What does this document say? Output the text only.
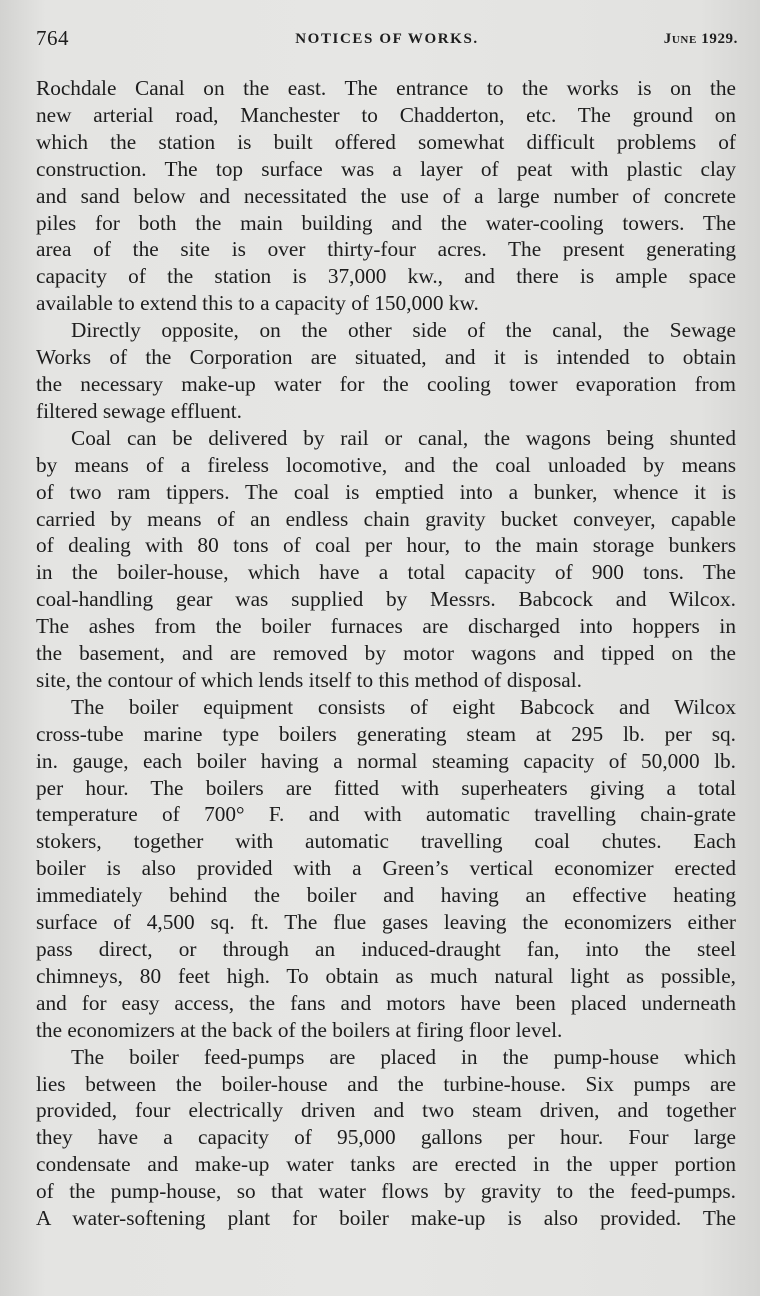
764	NOTICES OF WORKS.	June 1929.
Rochdale Canal on the east. The entrance to the works is on the
new arterial road, Manchester to Chadderton, etc. The ground on
which the station is built offered somewhat difficult problems of
construction. The top surface was a layer of peat with plastic clay
and sand below and necessitated the use of a large number of concrete
piles for both the main building and the water-cooling towers. The
area of the site is over thirty-four acres. The present generating
capacity of the station is 37,000 kw., and there is ample space
available to extend this to a capacity of 150,000 kw.
Directly opposite, on the other side of the canal, the Sewage
Works of the Corporation are situated, and it is intended to obtain
the necessary make-up water for the cooling tower evaporation from
filtered sewage effluent.
Coal can be delivered by rail or canal, the wagons being shunted
by means of a fireless locomotive, and the coal unloaded by means
of two ram tippers. The coal is emptied into a bunker, whence it is
carried by means of an endless chain gravity bucket conveyer, capable
of dealing with 80 tons of coal per hour, to the main storage bunkers
in the boiler-house, which have a total capacity of 900 tons. The
coal-handling gear was supplied by Messrs. Babcock and Wilcox.
The ashes from the boiler furnaces are discharged into hoppers in
the basement, and are removed by motor wagons and tipped on the
site, the contour of which lends itself to this method of disposal.
The boiler equipment consists of eight Babcock and Wilcox
cross-tube marine type boilers generating steam at 295 lb. per sq.
in. gauge, each boiler having a normal steaming capacity of 50,000 lb.
per hour. The boilers are fitted with superheaters giving a total
temperature of 700° F. and with automatic travelling chain-grate
stokers, together with automatic travelling coal chutes. Each
boiler is also provided with a Green’s vertical economizer erected
immediately behind the boiler and having an effective heating
surface of 4,500 sq. ft. The flue gases leaving the economizers either
pass direct, or through an induced-draught fan, into the steel
chimneys, 80 feet high. To obtain as much natural light as possible,
and for easy access, the fans and motors have been placed underneath
the economizers at the back of the boilers at firing floor level.
The boiler feed-pumps are placed in the pump-house which
lies between the boiler-house and the turbine-house. Six pumps are
provided, four electrically driven and two steam driven, and together
they have a capacity of 95,000 gallons per hour. Four large
condensate and make-up water tanks are erected in the upper portion
of the pump-house, so that water flows by gravity to the feed-pumps.
A water-softening plant for boiler make-up is also provided. The
